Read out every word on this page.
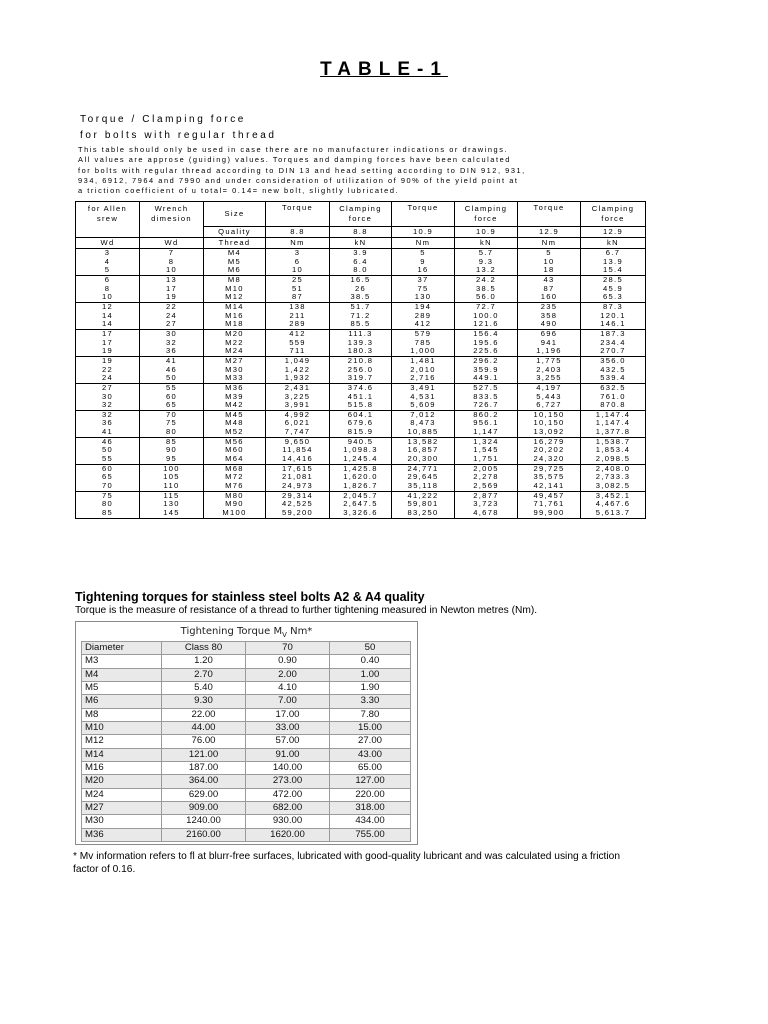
TABLE-1
Torque / Clamping force
for bolts with regular thread
This table should only be used in case there are no manufacturer indications or drawings.
All values are approse (guiding) values. Torques and damping forces have been calculated
for bolts with regular thread according to DIN 13 and head setting according to DIN 912, 931,
934, 6912, 7964 and 7990 and under consideration of utilization of 90% of the yield point at
a triction coefficient of u total= 0.14= new bolt, slightly lubricated.
for Allen srew	Wrench dimesion	Size	Torque	Clamping force	Torque	Clamping force	Torque	Clamping force

		Quality	8.8	8.8	10.9	10.9	12.9	12.9
Wd	Wd	Thread	Nm	kN	Nm	kN	Nm	kN
3	7	M4	3	3.9	5	5.7	5	6.7
4	8	M5	6	6.4	9	9.3	10	13.9
5	10	M6	10	8.0	16	13.2	18	15.4
6	13	M8	25	16.5	37	24.2	43	28.5
8	17	M10	51	26	75	38.5	87	45.9
10	19	M12	87	38.5	130	56.0	160	65.3
12	22	M14	138	51.7	194	72.7	235	87.3
14	24	M16	211	71.2	289	100.0	358	120.1
14	27	M18	289	85.5	412	121.6	490	146.1
17	30	M20	412	111.3	579	156.4	696	187.3
17	32	M22	559	139.3	785	195.6	941	234.4
19	36	M24	711	180.3	1,000	225.6	1,196	270.7
19	41	M27	1,049	210.8	1,481	296.2	1,775	356.0
22	46	M30	1,422	256.0	2,010	359.9	2,403	432.5
24	50	M33	1,932	319.7	2,716	449.1	3,255	539.4
27	55	M36	2,431	374.6	3,491	527.5	4,197	632.5
30	60	M39	3,225	451.1	4,531	833.5	5,443	761.0
32	65	M42	3,991	515.8	5,609	726.7	6,727	870.8
32	70	M45	4,992	604.1	7,012	860.2	10,150	1,147.4
36	75	M48	6,021	679.6	8,473	956.1	10,150	1,147.4
41	80	M52	7,747	815.9	10,885	1,147	13,092	1,377.8
46	85	M56	9,650	940.5	13,582	1,324	16,279	1,538.7
50	90	M60	11,854	1,098.3	16,857	1,545	20,202	1,853.4
55	95	M64	14,416	1,245.4	20,300	1,751	24,320	2,098.5
60	100	M68	17,615	1,425.8	24,771	2,005	29,725	2,408.0
65	105	M72	21,081	1,620.0	29,645	2,278	35,575	2,733.3
70	110	M76	24,973	1,826.7	35,118	2,569	42,141	3,082.5
75	115	M80	29,314	2,045.7	41,222	2,877	49,457	3,452.1
80	130	M90	42,525	2,647.5	59,801	3,723	71,761	4,467.6
85	145	M100	59,200	3,326.6	83,250	4,678	99,900	5,613.7
Tightening torques for stainless steel bolts A2 & A4 quality
Torque is the measure of resistance of a thread to further tightening measured in Newton metres (Nm).
Tightening Torque $M_V$ Nm*
Diameter	Class 80	70	50
M3	1.20	0.90	0.40
M4	2.70	2.00	1.00
M5	5.40	4.10	1.90
M6	9.30	7.00	3.30
M8	22.00	17.00	7.80
M10	44.00	33.00	15.00
M12	76.00	57.00	27.00
M14	121.00	91.00	43.00
M16	187.00	140.00	65.00
M20	364.00	273.00	127.00
M24	629.00	472.00	220.00
M27	909.00	682.00	318.00
M30	1240.00	930.00	434.00
M36	2160.00	1620.00	755.00
* Mv information refers to fl at blurr-free surfaces, lubricated with good-quality lubricant and was calculated using a friction factor of 0.16.
